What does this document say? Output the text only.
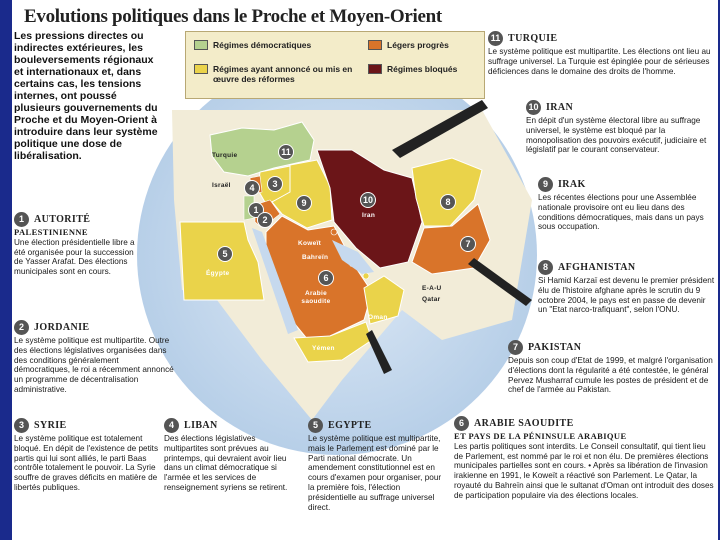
Evolutions politiques dans le Proche et Moyen-Orient
Les pressions directes ou indirectes extérieures, les bouleversements régionaux et internationaux et, dans certains cas, les tensions internes, ont poussé plusieurs gouvernements du Proche et du Moyen-Orient à introduire dans leur système politique une dose de libéralisation.
Régimes démocratiques	Légers progrès
Régimes ayant annoncé ou mis en œuvre des réformes
Régimes bloqués
Turquie
Israël
Iran
Koweït
Bahreïn
Égypte
Arabie saoudite
E-A-U
Qatar
Oman
Yémen
11
4	3
1
2
9	10	8
7
5
6
1	AUTORITÉ
PALESTINIENNE
Une élection présidentielle libre a été organisée pour la succession de Yasser Arafat. Des élections municipales sont en cours.
2	JORDANIE
Le système politique est multipartite. Outre des élections législatives organisées dans des conditions généralement démocratiques, le roi a récemment annoncé un programme de décentralisation administrative.
3	SYRIE
Le système politique est totalement bloqué. En dépit de l'existence de petits partis qui lui sont alliés, le parti Baas contrôle totalement le pouvoir. La Syrie souffre de graves déficits en matière de libertés publiques.
4	LIBAN
Des élections législatives multipartites sont prévues au printemps, qui devraient avoir lieu dans un climat démocratique si l'armée et les services de renseignement syriens se retirent.
5	EGYPTE
Le système politique est multipartite, mais le Parlement est dominé par le Parti national démocrate. Un amendement constitutionnel est en cours d'examen pour organiser, pour la première fois, l'élection présidentielle au suffrage universel direct.
6	ARABIE SAOUDITE
ET PAYS DE LA PÉNINSULE ARABIQUE
Les partis politiques sont interdits. Le Conseil consultatif, qui tient lieu de Parlement, est nommé par le roi et non élu. De premières élections municipales partielles sont en cours. • Après sa libération de l'invasion irakienne en 1991, le Koweït a réactivé son Parlement. Le Qatar, la royauté du Bahreïn ainsi que le sultanat d'Oman ont introduit des doses de participation populaire via des élections locales.
7	PAKISTAN
Depuis son coup d'Etat de 1999, et malgré l'organisation d'élections dont la régularité a été contestée, le général Pervez Musharraf cumule les postes de président et de chef de l'armée au Pakistan.
8	AFGHANISTAN
Si Hamid Karzaï est devenu le premier président élu de l'histoire afghane après le scrutin du 9 octobre 2004, le pays est en passe de devenir un "Etat narco-trafiquant", selon l'ONU.
9	IRAK
Les récentes élections pour une Assemblée nationale provisoire ont eu lieu dans des conditions démocratiques, mais dans un pays sous occupation.
10 IRAN
En dépit d'un système électoral libre au suffrage universel, le système est bloqué par la monopolisation des pouvoirs exécutif, judiciaire et législatif par le courant conservateur.
11 TURQUIE
Le système politique est multipartite. Les élections ont lieu au suffrage universel. La Turquie est épinglée pour de sérieuses déficiences dans le domaine des droits de l'homme.
